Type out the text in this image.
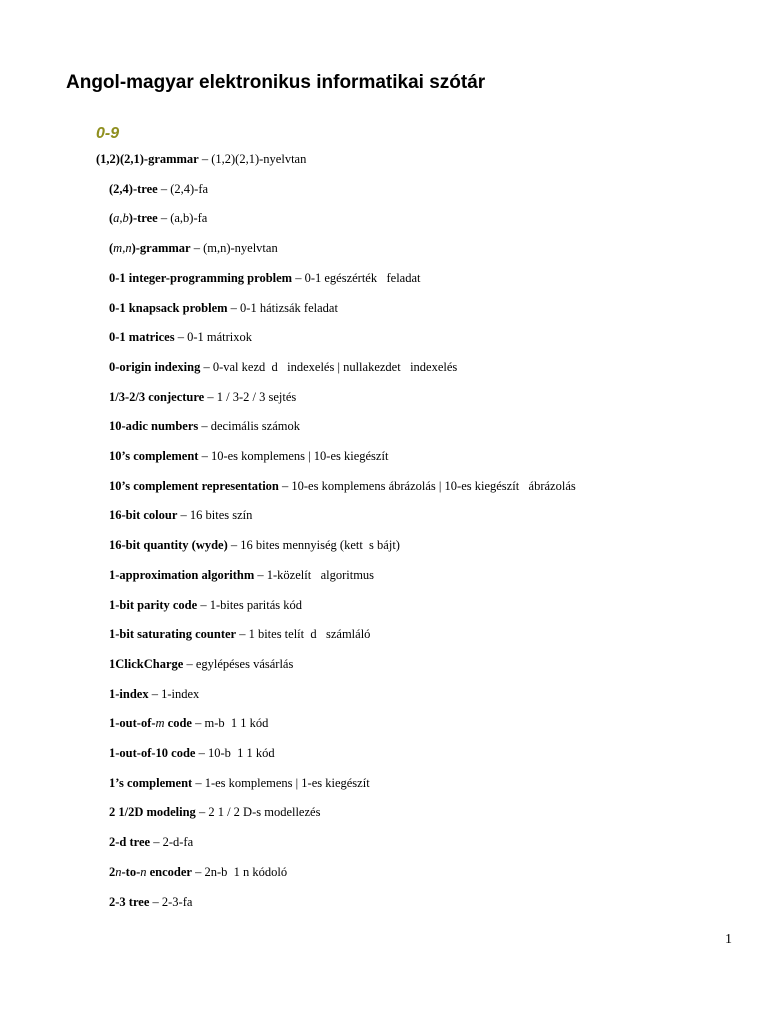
Angol-magyar elektronikus informatikai szótár
0-9
(1,2)(2,1)-grammar – (1,2)(2,1)-nyelvtan
(2,4)-tree – (2,4)-fa
(a,b)-tree – (a,b)-fa
(m,n)-grammar – (m,n)-nyelvtan
0-1 integer-programming problem – 0-1 egészérték   feladat
0-1 knapsack problem – 0-1 hátizsák feladat
0-1 matrices – 0-1 mátrixok
0-origin indexing – 0-val kezd  d   indexelés | nullakezdet   indexelés
1/3-2/3 conjecture – 1 / 3-2 / 3 sejtés
10-adic numbers – decimális számok
10’s complement – 10-es komplemens | 10-es kiegészít
10’s complement representation – 10-es komplemens ábrázolás | 10-es kiegészít   ábrázolás
16-bit colour – 16 bites szín
16-bit quantity (wyde) – 16 bites mennyiség (kett  s bájt)
1-approximation algorithm – 1-közelít   algoritmus
1-bit parity code – 1-bites paritás kód
1-bit saturating counter – 1 bites telít  d   számláló
1ClickCharge – egylépéses vásárlás
1-index – 1-index
1-out-of-m code – m-b  1 1 kód
1-out-of-10 code – 10-b  1 1 kód
1’s complement – 1-es komplemens | 1-es kiegészít
2 1/2D modeling – 2 1 / 2 D-s modellezés
2-d tree – 2-d-fa
2n-to-n encoder – 2n-b  1 n kódoló
2-3 tree – 2-3-fa
1
